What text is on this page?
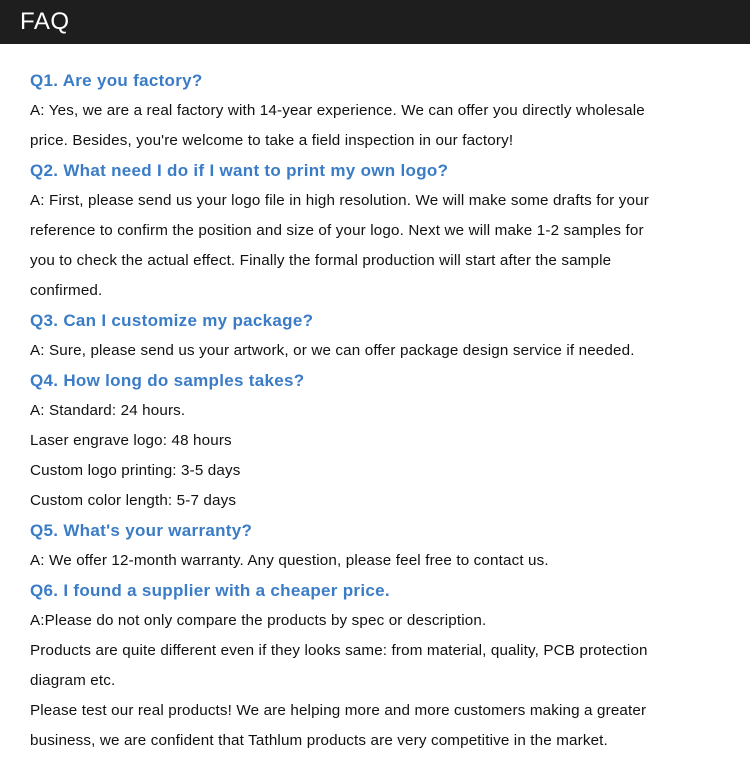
FAQ
Q1. Are you factory?
A: Yes, we are a real factory with 14-year experience. We can offer you directly wholesale
price. Besides, you're welcome to take a field inspection in our factory!
Q2. What need I do if I want to print my own logo?
A: First, please send us your logo file in high resolution. We will make some drafts for your
reference to confirm the position and size of your logo. Next we will make 1-2 samples for
you to check the actual effect. Finally the formal production will start after the sample
confirmed.
Q3. Can I customize my package?
A: Sure, please send us your artwork, or we can offer package design service if needed.
Q4. How long do samples takes?
A: Standard: 24 hours.
Laser engrave logo: 48 hours
Custom logo printing: 3-5 days
Custom color length: 5-7 days
Q5. What's your warranty?
A: We offer 12-month warranty. Any question, please feel free to contact us.
Q6. I found a supplier with a cheaper price.
A:Please do not only compare the products by spec or description.
Products are quite different even if they looks same: from material, quality, PCB protection
diagram etc.
Please test our real products! We are helping more and more customers making a greater
business, we are confident that Tathlum products are very competitive in the market.
